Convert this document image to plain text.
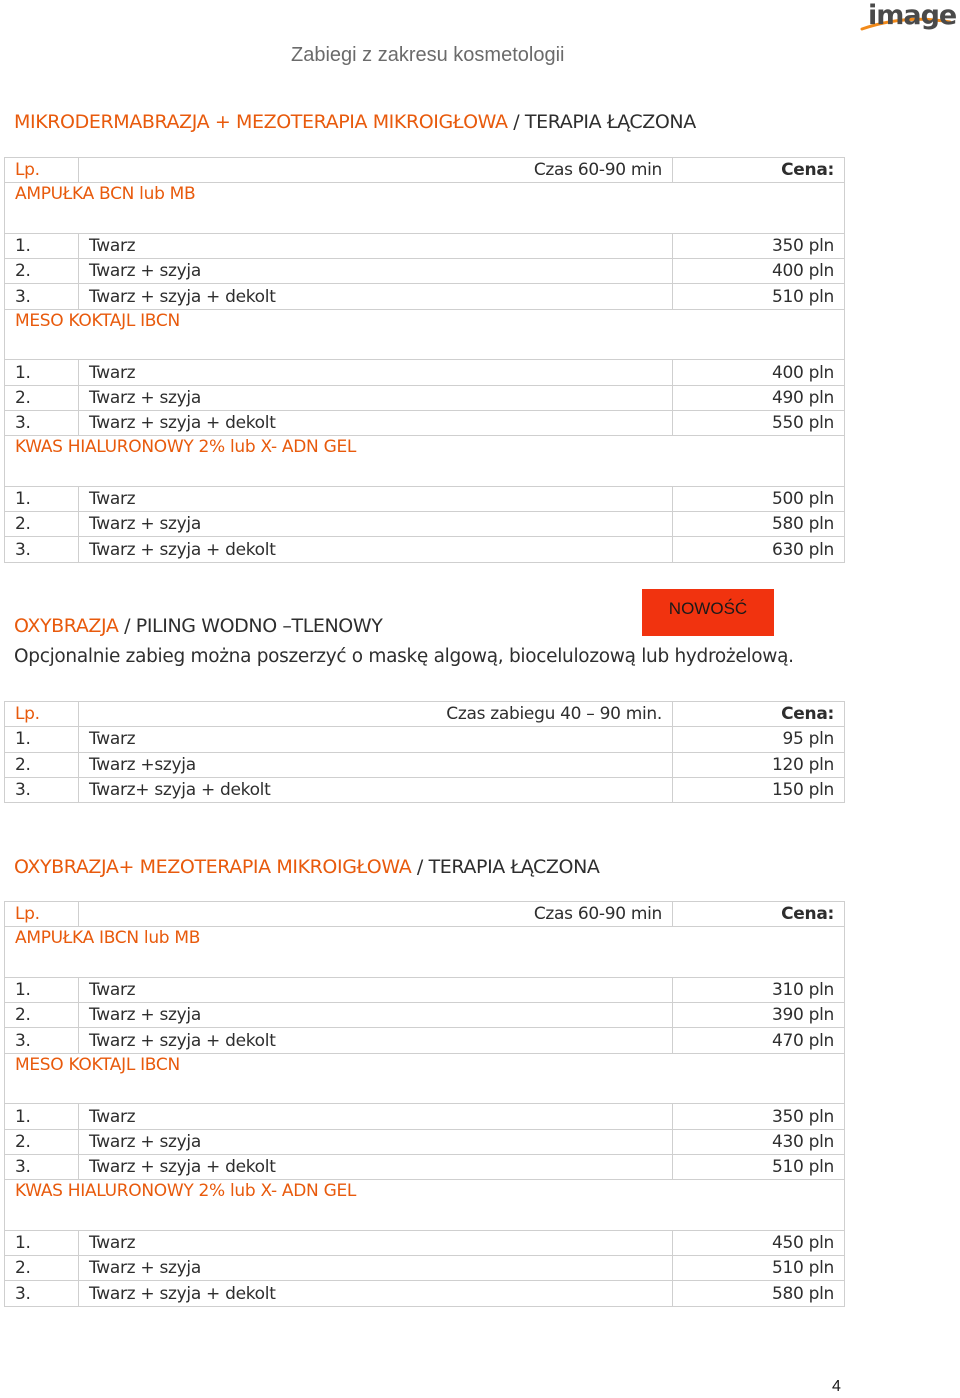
image
Zabiegi z zakresu kosmetologii
MIKRODERMABRAZJA + MEZOTERAPIA MIKROIGŁOWA / TERAPIA ŁĄCZONA
Lp.	Czas 60-90 min	Cena:
AMPUŁKA BCN lub MB		
1.	Twarz	350 pln
2.	Twarz + szyja	400 pln
3.	Twarz + szyja + dekolt	510 pln
MESO KOKTAJL IBCN		
1.	Twarz	400 pln
2.	Twarz + szyja	490 pln
3.	Twarz + szyja + dekolt	550 pln
KWAS HIALURONOWY 2% lub X- ADN GEL		
1.	Twarz	500 pln
2.	Twarz + szyja	580 pln
3.	Twarz + szyja + dekolt	630 pln
NOWOŚĆ
OXYBRAZJA / PILING WODNO –TLENOWY
Opcjonalnie zabieg można poszerzyć o maskę algową, biocelulozową lub hydrożelową.
Lp.	Czas zabiegu 40 – 90 min.	Cena:
1.	Twarz	95 pln
2.	Twarz +szyja	120 pln
3.	Twarz+ szyja + dekolt	150 pln
OXYBRAZJA+ MEZOTERAPIA MIKROIGŁOWA / TERAPIA ŁĄCZONA
Lp.	Czas 60-90 min	Cena:
AMPUŁKA IBCN lub MB		
1.	Twarz	310 pln
2.	Twarz + szyja	390 pln
3.	Twarz + szyja + dekolt	470 pln
MESO KOKTAJL IBCN		
1.	Twarz	350 pln
2.	Twarz + szyja	430 pln
3.	Twarz + szyja + dekolt	510 pln
KWAS HIALURONOWY 2% lub X- ADN GEL		
1.	Twarz	450 pln
2.	Twarz + szyja	510 pln
3.	Twarz + szyja + dekolt	580 pln
4
